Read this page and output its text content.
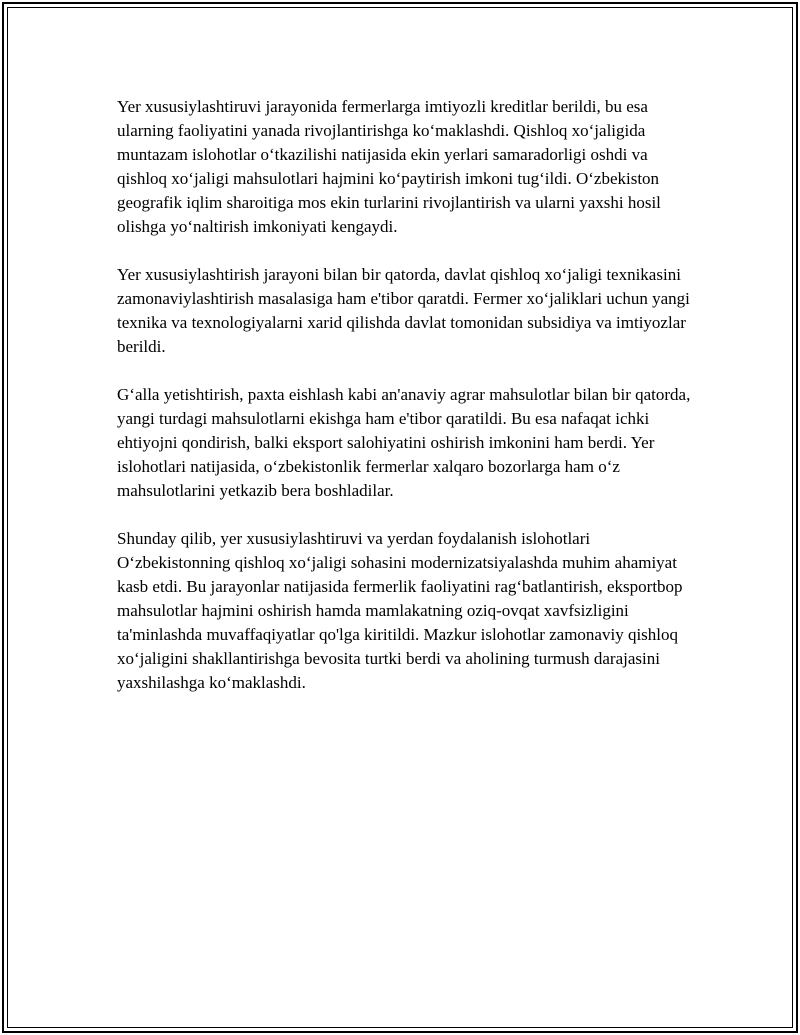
Yer xususiylashtiruvi jarayonida fermerlarga imtiyozli kreditlar berildi, bu esa ularning faoliyatini yanada rivojlantirishga koʻmaklashdi. Qishloq xoʻjaligida muntazam islohotlar oʻtkazilishi natijasida ekin yerlari samaradorligi oshdi va qishloq xoʻjaligi mahsulotlari hajmini koʻpaytirish imkoni tugʻildi. Oʻzbekiston geografik iqlim sharoitiga mos ekin turlarini rivojlantirish va ularni yaxshi hosil olishga yoʻnaltirish imkoniyati kengaydi.

Yer xususiylashtirish jarayoni bilan bir qatorda, davlat qishloq xoʻjaligi texnikasini zamonaviylashtirish masalasiga ham e'tibor qaratdi. Fermer xoʻjaliklari uchun yangi texnika va texnologiyalarni xarid qilishda davlat tomonidan subsidiya va imtiyozlar berildi.

Gʻalla yetishtirish, paxta eishlash kabi an'anaviy agrar mahsulotlar bilan bir qatorda, yangi turdagi mahsulotlarni ekishga ham e'tibor qaratildi. Bu esa nafaqat ichki ehtiyojni qondirish, balki eksport salohiyatini oshirish imkonini ham berdi. Yer islohotlari natijasida, oʻzbekistonlik fermerlar xalqaro bozorlarga ham oʻz mahsulotlarini yetkazib bera boshladilar.

Shunday qilib, yer xususiylashtiruvi va yerdan foydalanish islohotlari Oʻzbekistonning qishloq xoʻjaligi sohasini modernizatsiyalashda muhim ahamiyat kasb etdi. Bu jarayonlar natijasida fermerlik faoliyatini ragʻbatlantirish, eksportbop mahsulotlar hajmini oshirish hamda mamlakatning oziq-ovqat xavfsizligini ta'minlashda muvaffaqiyatlar qo'lga kiritildi. Mazkur islohotlar zamonaviy qishloq xoʻjaligini shakllantirishga bevosita turtki berdi va aholining turmush darajasini yaxshilashga koʻmaklashdi.
